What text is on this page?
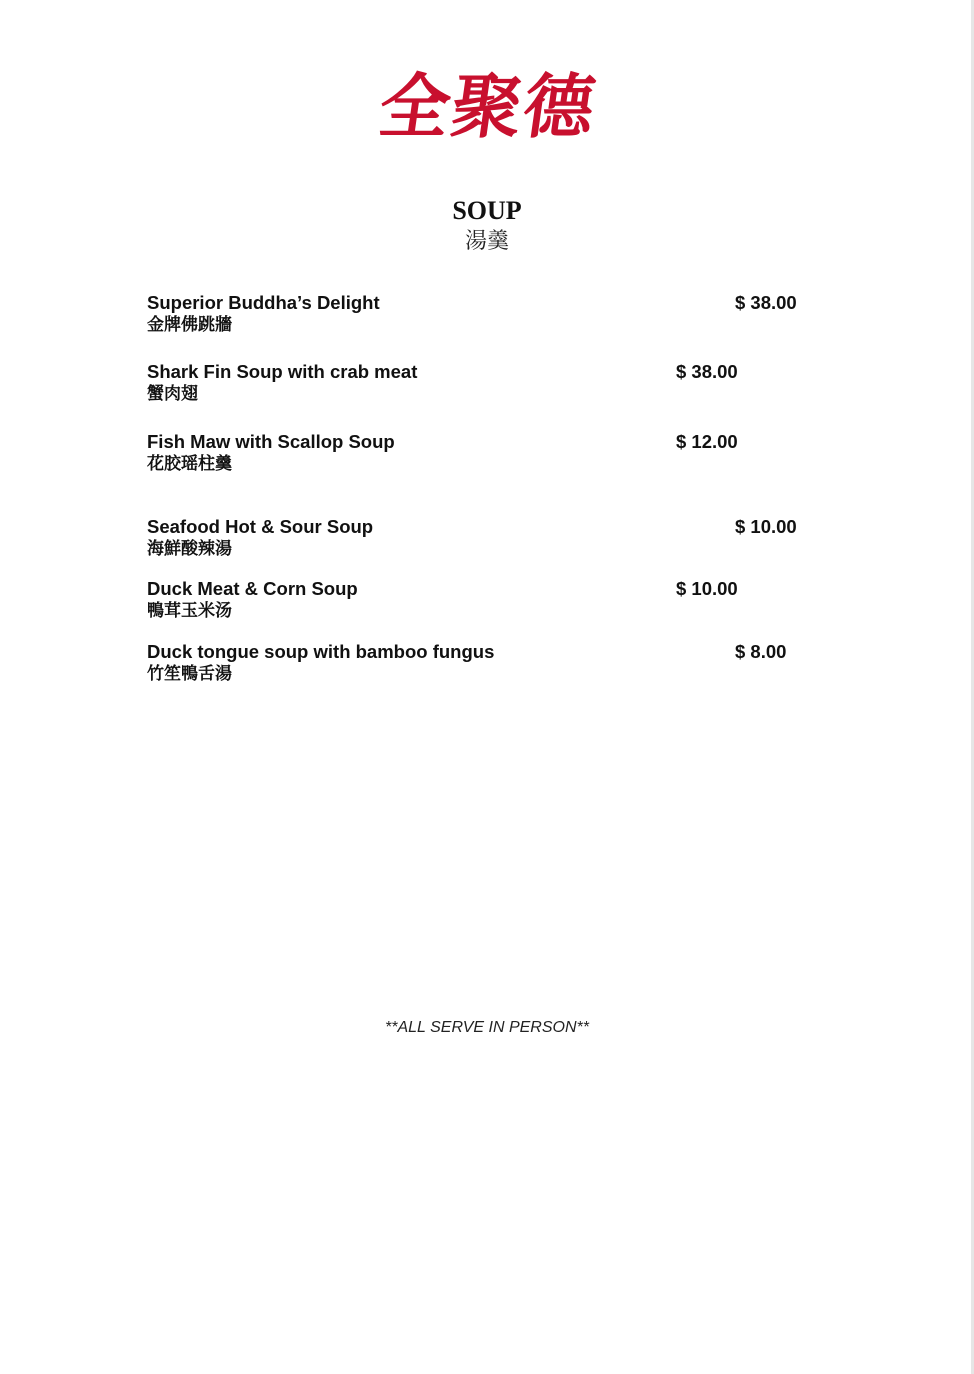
全聚德
SOUP
湯羹
Superior Buddha’s Delight
金牌佛跳牆
$ 38.00
Shark Fin Soup with crab meat
蟹肉翅
$ 38.00
Fish Maw with Scallop Soup
花胶瑶柱羹
$ 12.00
Seafood Hot & Sour Soup
海鮮酸辣湯
$ 10.00
Duck Meat & Corn Soup
鴨茸玉米汤
$ 10.00
Duck tongue soup with bamboo fungus
竹笙鴨舌湯
$ 8.00
**ALL SERVE IN PERSON**
